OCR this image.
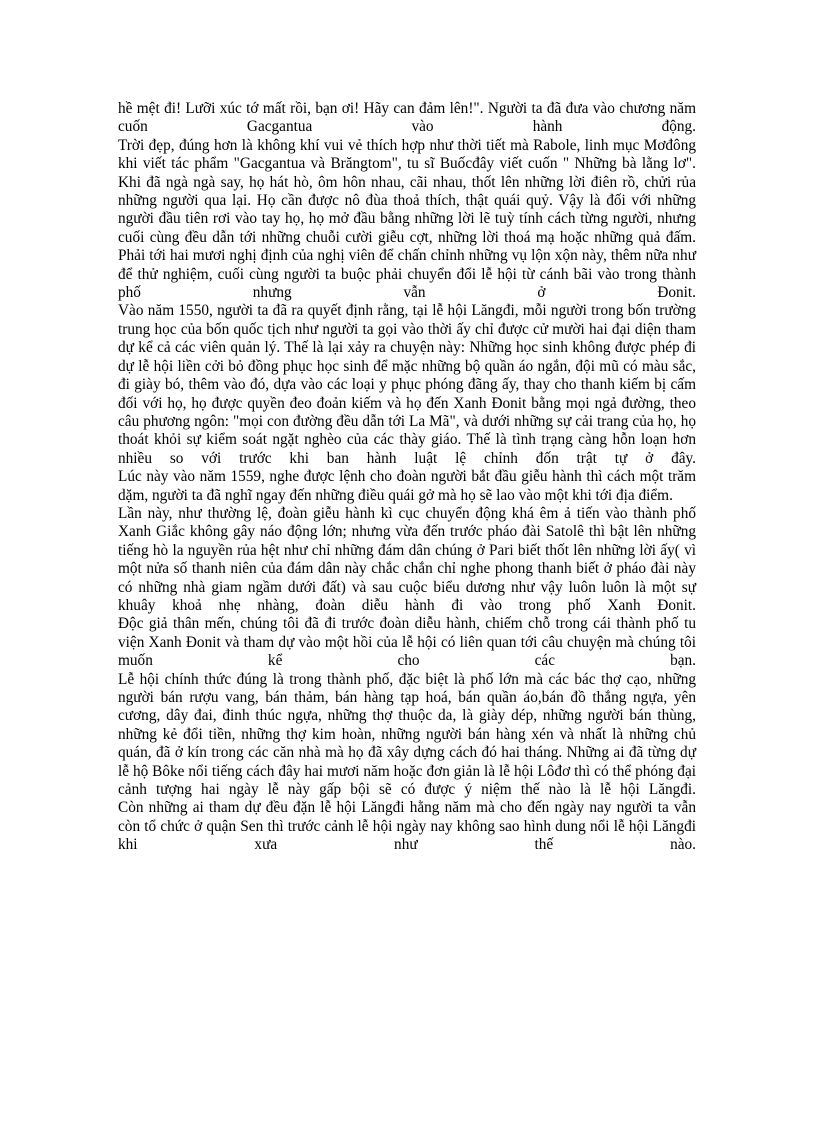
hề mệt đi! Lưỡi xúc tớ mất rồi, bạn ơi! Hãy can đảm lên!". Người ta đã đưa vào chương năm cuốn Gacgantua vào hành động.

Trời đẹp, đúng hơn là không khí vui vẻ thích hợp như thời tiết mà Rabole, linh mục Mơđông khi viết tác phẩm "Gacgantua và Brăngtom", tu sĩ Buốcđây viết cuốn " Những bà lằng lơ".

Khi đã ngà ngà say, họ hát hò, ôm hôn nhau, cãi nhau, thốt lên những lời điên rồ, chửi rủa những người qua lại. Họ cần được nô đùa thoả thích, thật quái quỷ. Vậy là đối với những người đầu tiên rơi vào tay họ, họ mở đầu bằng những lời lẽ tuỳ tính cách từng người, nhưng cuối cùng đều dẫn tới những chuỗi cười giễu cợt, những lời thoá mạ hoặc những quả đấm.

Phải tới hai mươi nghị định của nghị viên để chấn chỉnh những vụ lộn xộn này, thêm nữa như để thử nghiệm, cuối cùng người ta buộc phải chuyển đổi lễ hội từ cánh bãi vào trong thành phố nhưng vẫn ở Đonit.

Vào năm 1550, người ta đã ra quyết định rằng, tại lễ hội Lăngđi, mỗi người trong bốn trường trung học của bốn quốc tịch như người ta gọi vào thời ấy chỉ được cử mười hai đại diện tham dự kể cả các viên quản lý. Thế là lại xảy ra chuyện này: Những học sinh không được phép đi dự lễ hội liền cởi bỏ đồng phục học sinh để mặc những bộ quần áo ngắn, đội mũ có màu sắc, đi giày bó, thêm vào đó, dựa vào các loại y phục phóng đãng ấy, thay cho thanh kiếm bị cấm đối với họ, họ được quyền đeo đoản kiếm và họ đến Xanh Đonit bằng mọi ngả đường, theo câu phương ngôn: "mọi con đường đều dẫn tới La Mã", và dưới những sự cải trang của họ, họ thoát khỏi sự kiểm soát ngặt nghèo của các thày giáo. Thế là tình trạng càng hỗn loạn hơn nhiều so với trước khi ban hành luật lệ chỉnh đốn trật tự ở đây.

Lúc này vào năm 1559, nghe được lệnh cho đoàn người bắt đầu giễu hành thì cách một trăm dặm, người ta đã nghĩ ngay đến những điều quái gở mà họ sẽ lao vào một khi tới địa điểm.

Lần này, như thường lệ, đoàn giễu hành kì cục chuyển động khá êm ả tiến vào thành phố Xanh Giắc không gây náo động lớn; nhưng vừa đến trước pháo đài Satolê thì bật lên những tiếng hò la nguyền rủa hệt như chỉ những đám dân chúng ở Pari biết thốt lên những lời ấy( vì một nửa số thanh niên của đám dân này chắc chắn chỉ nghe phong thanh biết ở pháo đài này có những nhà giam ngầm dưới đất) và sau cuộc biểu dương như vậy luôn luôn là một sự khuây khoả nhẹ nhàng, đoàn diễu hành đi vào trong phố Xanh Đonit.

Độc giả thân mến, chúng tôi đã đi trước đoàn diễu hành, chiếm chỗ trong cái thành phố tu viện Xanh Đonit và tham dự vào một hồi của lễ hội có liên quan tới câu chuyện mà chúng tôi muốn kể cho các bạn.

Lễ hội chính thức đúng là trong thành phố, đặc biệt là phố lớn mà các bác thợ cạo, những người bán rượu vang, bán thảm, bán hàng tạp hoá, bán quần áo,bán đồ thắng ngựa, yên cương, dây đai, đinh thúc ngựa, những thợ thuộc da, là giày dép, những người bán thùng, những kẻ đổi tiền, những thợ kim hoàn, những người bán hàng xén và nhất là những chủ quán, đã ở kín trong các căn nhà mà họ đã xây dựng cách đó hai tháng. Những ai đã từng dự lễ hộ Bôke nổi tiếng cách đây hai mươi năm hoặc đơn giản là lễ hội Lôđơ thì có thể phóng đại cảnh tượng hai ngày lễ này gấp bội sẽ có được ý niệm thế nào là lễ hội Lăngđi.

Còn những ai tham dự đều đặn lễ hội Lăngđi hằng năm mà cho đến ngày nay người ta vẫn còn tổ chức ở quận Sen thì trước cảnh lễ hội ngày nay không sao hình dung nổi lễ hội Lăngđi khi xưa như thế nào.
